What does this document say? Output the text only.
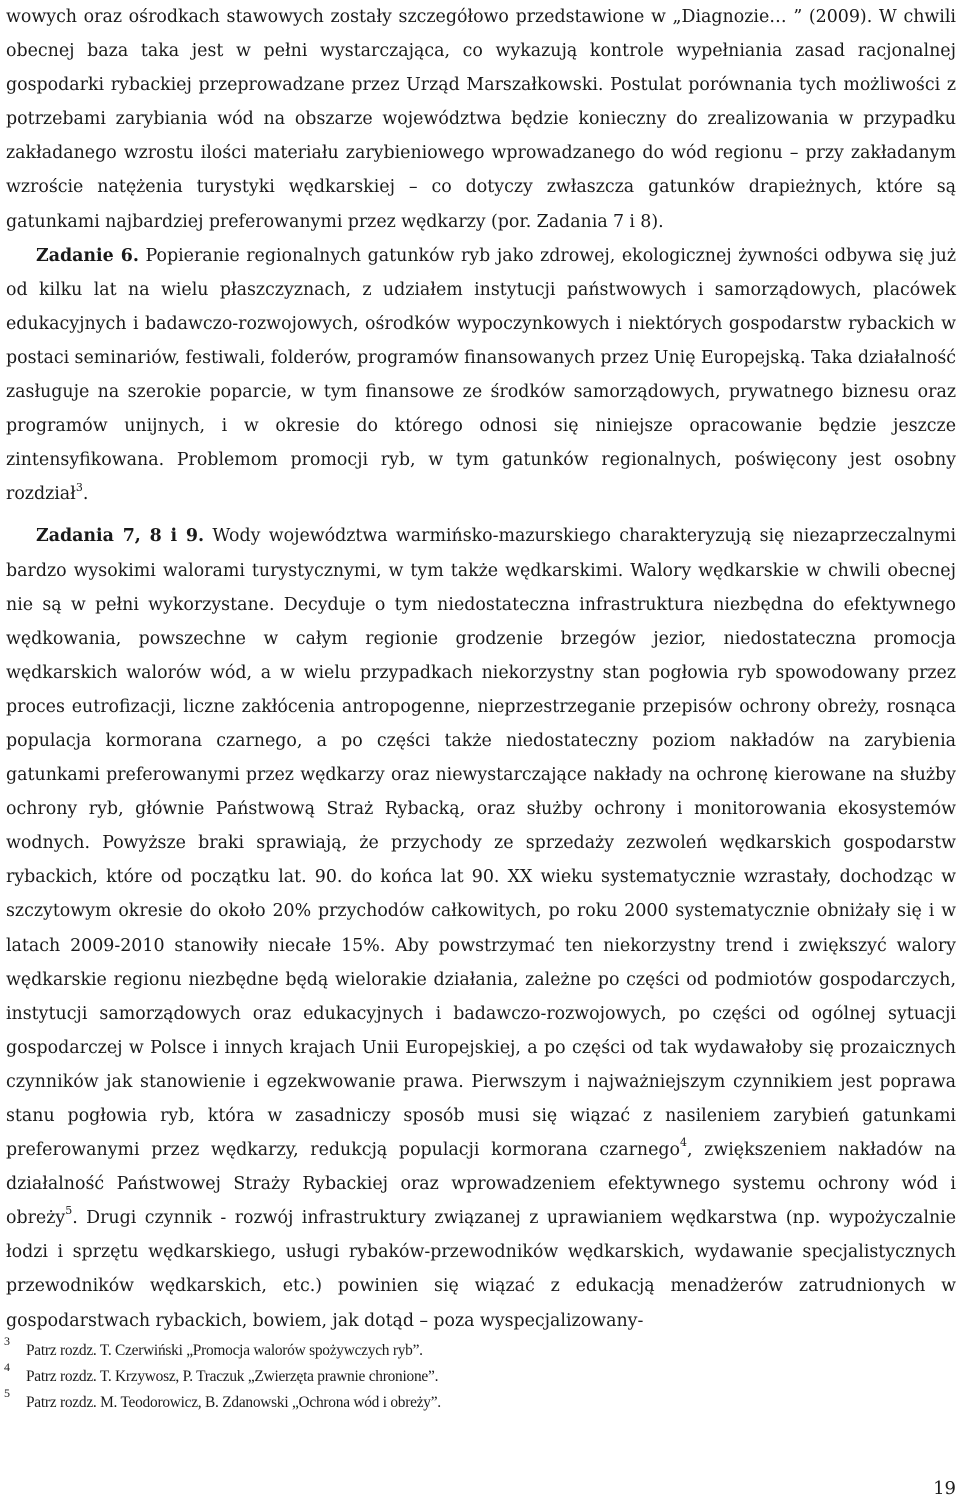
wowych oraz ośrodkach stawowych zostały szczegółowo przedstawione w „Diagnozie… ” (2009). W chwili obecnej baza taka jest w pełni wystarczająca, co wykazują kontrole wypełniania zasad racjonalnej gospodarki rybackiej przeprowadzane przez Urząd Marszałkowski. Postulat porównania tych możliwości z potrzebami zarybiania wód na obszarze województwa będzie konieczny do zrealizowania w przypadku zakładanego wzrostu ilości materiału zarybieniowego wprowadzanego do wód regionu – przy zakładanym wzroście natężenia turystyki wędkarskiej – co dotyczy zwłaszcza gatunków drapieżnych, które są gatunkami najbardziej preferowanymi przez wędkarzy (por. Zadania 7 i 8).

Zadanie 6. Popieranie regionalnych gatunków ryb jako zdrowej, ekologicznej żywności odbywa się już od kilku lat na wielu płaszczyznach, z udziałem instytucji państwowych i samorządowych, placówek edukacyjnych i badawczo-rozwojowych, ośrodków wypoczynkowych i niektórych gospodarstw rybackich w postaci seminariów, festiwali, folderów, programów finansowanych przez Unię Europejską. Taka działalność zasługuje na szerokie poparcie, w tym finansowe ze środków samorządowych, prywatnego biznesu oraz programów unijnych, i w okresie do którego odnosi się niniejsze opracowanie będzie jeszcze zintensyfikowana. Problemom promocji ryb, w tym gatunków regionalnych, poświęcony jest osobny rozdział$^3$.

Zadania 7, 8 i 9. Wody województwa warmińsko-mazurskiego charakteryzują się niezaprzeczalnymi bardzo wysokimi walorami turystycznymi, w tym także wędkarskimi. Walory wędkarskie w chwili obecnej nie są w pełni wykorzystane. Decyduje o tym niedostateczna infrastruktura niezbędna do efektywnego wędkowania, powszechne w całym regionie grodzenie brzegów jezior, niedostateczna promocja wędkarskich walorów wód, a w wielu przypadkach niekorzystny stan pogłowia ryb spowodowany przez proces eutrofizacji, liczne zakłócenia antropogenne, nieprzestrzeganie przepisów ochrony obreży, rosnąca populacja kormorana czarnego, a po części także niedostateczny poziom nakładów na zarybienia gatunkami preferowanymi przez wędkarzy oraz niewystarczające nakłady na ochronę kierowane na służby ochrony ryb, głównie Państwową Straż Rybacką, oraz służby ochrony i monitorowania ekosystemów wodnych. Powyższe braki sprawiają, że przychody ze sprzedaży zezwoleń wędkarskich gospodarstw rybackich, które od początku lat. 90. do końca lat 90. XX wieku systematycznie wzrastały, dochodząc w szczytowym okresie do około 20% przychodów całkowitych, po roku 2000 systematycznie obniżały się i w latach 2009-2010 stanowiły niecałe 15%. Aby powstrzymać ten niekorzystny trend i zwiększyć walory wędkarskie regionu niezbędne będą wielorakie działania, zależne po części od podmiotów gospodarczych, instytucji samorządowych oraz edukacyjnych i badawczo-rozwojowych, po części od ogólnej sytuacji gospodarczej w Polsce i innych krajach Unii Europejskiej, a po części od tak wydawałoby się prozaicznych czynników jak stanowienie i egzekwowanie prawa. Pierwszym i najważniejszym czynnikiem jest poprawa stanu pogłowia ryb, która w zasadniczy sposób musi się wiązać z nasileniem zarybień gatunkami preferowanymi przez wędkarzy, redukcją populacji kormorana czarnego$^4$, zwiększeniem nakładów na działalność Państwowej Straży Rybackiej oraz wprowadzeniem efektywnego systemu ochrony wód i obreży$^5$. Drugi czynnik - rozwój infrastruktury związanej z uprawianiem wędkarstwa (np. wypożyczalnie łodzi i sprzętu wędkarskiego, usługi rybaków-przewodników wędkarskich, wydawanie specjalistycznych przewodników wędkarskich, etc.) powinien się wiązać z edukacją menadżerów zatrudnionych w gospodarstwach rybackich, bowiem, jak dotąd – poza wyspecjalizowany-

3
Patrz rozdz. T. Czerwiński „Promocja walorów spożywczych ryb”.
4
Patrz rozdz. T. Krzywosz, P. Traczuk „Zwierzęta prawnie chronione”.
5
Patrz rozdz. M. Teodorowicz, B. Zdanowski „Ochrona wód i obreży”.
19
